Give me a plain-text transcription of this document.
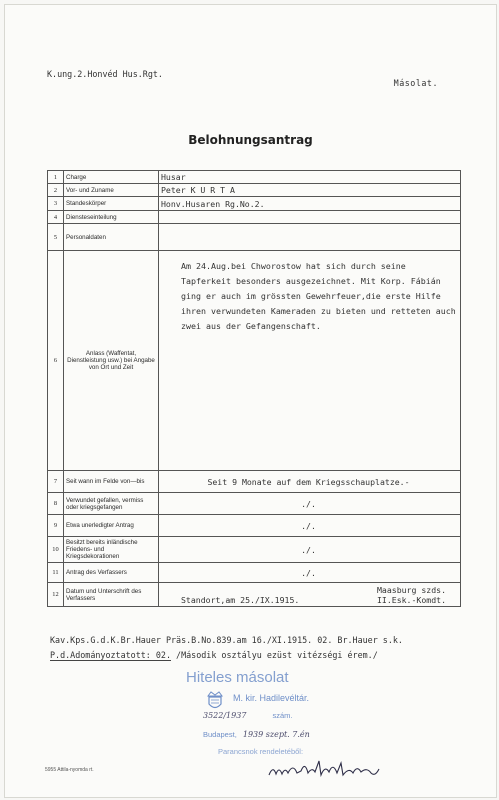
K.ung.2.Honvéd Hus.Rgt.
Másolat.
Belohnungsantrag
1	Charge	Husar
2	Vor- und Zuname	Peter K U R T A
3	Standeskörper	Honv.Husaren Rg.No.2.
4	Diensteseinteilung	
5	Personaldaten	
6	Anlass (Waffentat, Dienstleistung usw.) bei Angabe von Ort und Zeit	Am 24.Aug.bei Chworostow hat sich durch seine Tapferkeit besonders ausgezeichnet. Mit Korp. Fábián ging er auch im grössten Gewehrfeuer,die erste Hilfe ihren verwundeten Kameraden zu bieten und retteten auch zwei aus der Gefangenschaft.

7	Seit wann im Felde von—bis	Seit 9 Monate auf dem Kriegsschauplatze.-
8	Verwundet gefallen, vermiss oder kriegsgefangen	./.
9	Etwa unerledigter Antrag	./.
10	Besitzt bereits inländische Friedens- und Kriegsdekorationen	./.
11	Antrag des Verfassers	./.
12	Datum und Unterschrift des Verfassers	Standort,am 25./IX.1915.
Maasburg szds.
II.Esk.-Komdt.
Kav.Kps.G.d.K.Br.Hauer Präs.B.No.839.am 16./XI.1915. 02. Br.Hauer s.k.
P.d.Adományoztatott: 02. /Második osztályu ezüst vitézségi érem./
Hiteles másolat
M. kir. Hadilevéltár.
3522/1937	szám.
Budapest, 1939 szept. 7.én
Parancsnok rendeletéből:
5955 Attila-nyomda rt.
